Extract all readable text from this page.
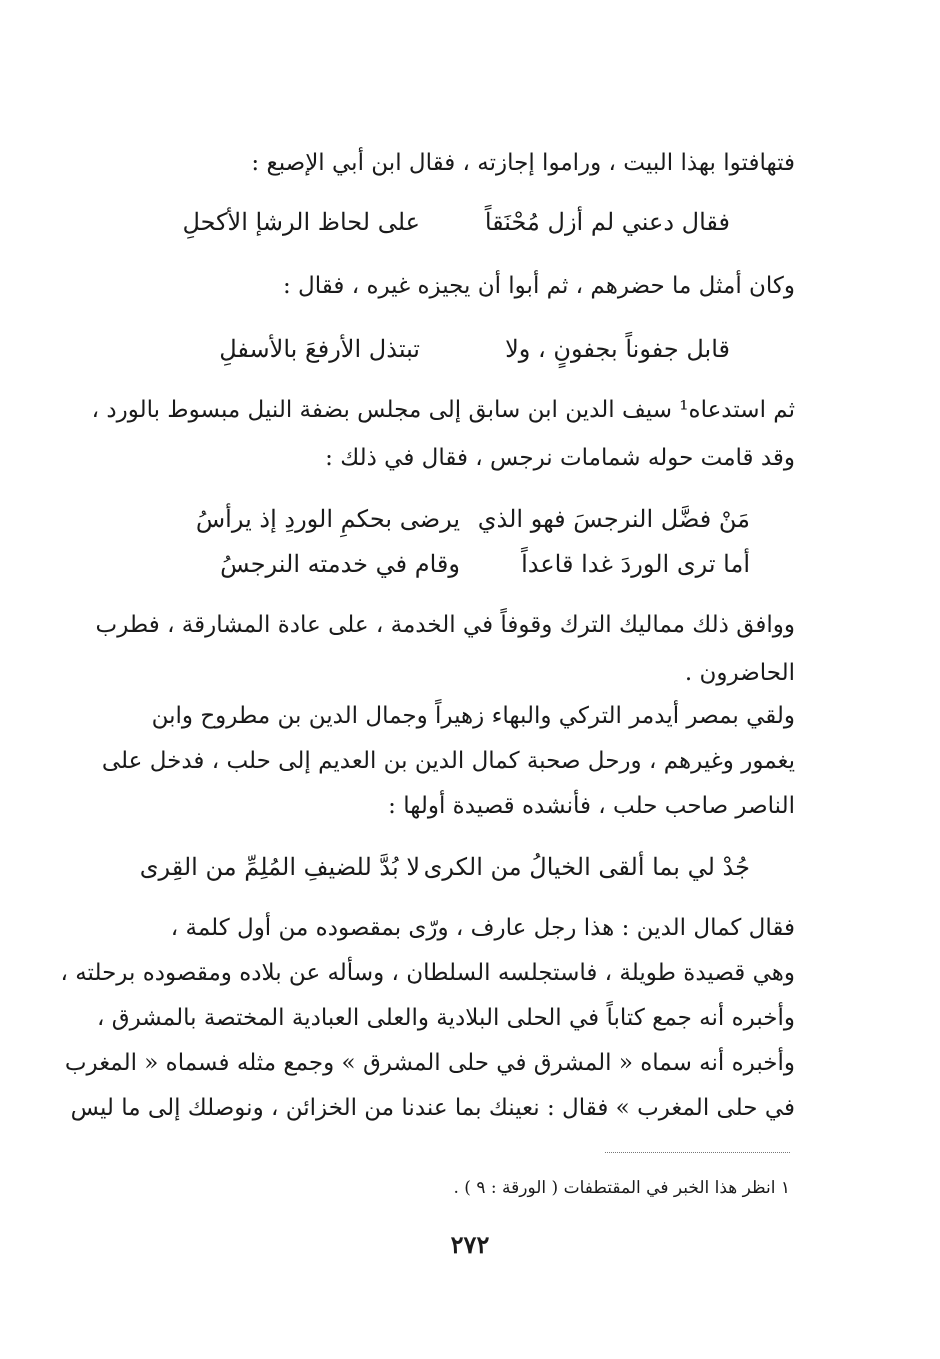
فتهافتوا بهذا البيت ، وراموا إجازته ، فقال ابن أبي الإصبع :
فقال دعني لم أزل مُحْنَقاً
على لحاظ الرشإ الأكحلِ
وكان أمثل ما حضرهم ، ثم أبوا أن يجيزه غيره ، فقال :
قابل جفوناً بجفونٍ ، ولا
تبتذل الأرفعَ بالأسفلِ
ثم استدعاه¹ سيف الدين ابن سابق إلى مجلس بضفة النيل مبسوط بالورد ،
وقد قامت حوله شمامات نرجس ، فقال في ذلك :
مَنْ فضَّل النرجسَ فهو الذي
يرضى بحكمِ الوردِ إذ يرأسُ
أما ترى الوردَ غدا قاعداً
وقام في خدمته النرجسُ
ووافق ذلك مماليك الترك وقوفاً في الخدمة ، على عادة المشارقة ، فطرب
الحاضرون .
ولقي بمصر أيدمر التركي والبهاء زهيراً وجمال الدين بن مطروح وابن
يغمور وغيرهم ، ورحل صحبة كمال الدين بن العديم إلى حلب ، فدخل على
الناصر صاحب حلب ، فأنشده قصيدة أولها :
جُدْ لي بما ألقى الخيالُ من الكرى
لا بُدَّ للضيفِ المُلِمِّ من القِرى
فقال كمال الدين : هذا رجل عارف ، ورّى بمقصوده من أول كلمة ،
وهي قصيدة طويلة ، فاستجلسه السلطان ، وسأله عن بلاده ومقصوده برحلته ،
وأخبره أنه جمع كتاباً في الحلى البلادية والعلى العبادية المختصة بالمشرق ،
وأخبره أنه سماه « المشرق في حلى المشرق » وجمع مثله فسماه « المغرب
في حلى المغرب » فقال : نعينك بما عندنا من الخزائن ، ونوصلك إلى ما ليس
١ انظر هذا الخبر في المقتطفات ( الورقة : ٩ ) .
٢٧٢
